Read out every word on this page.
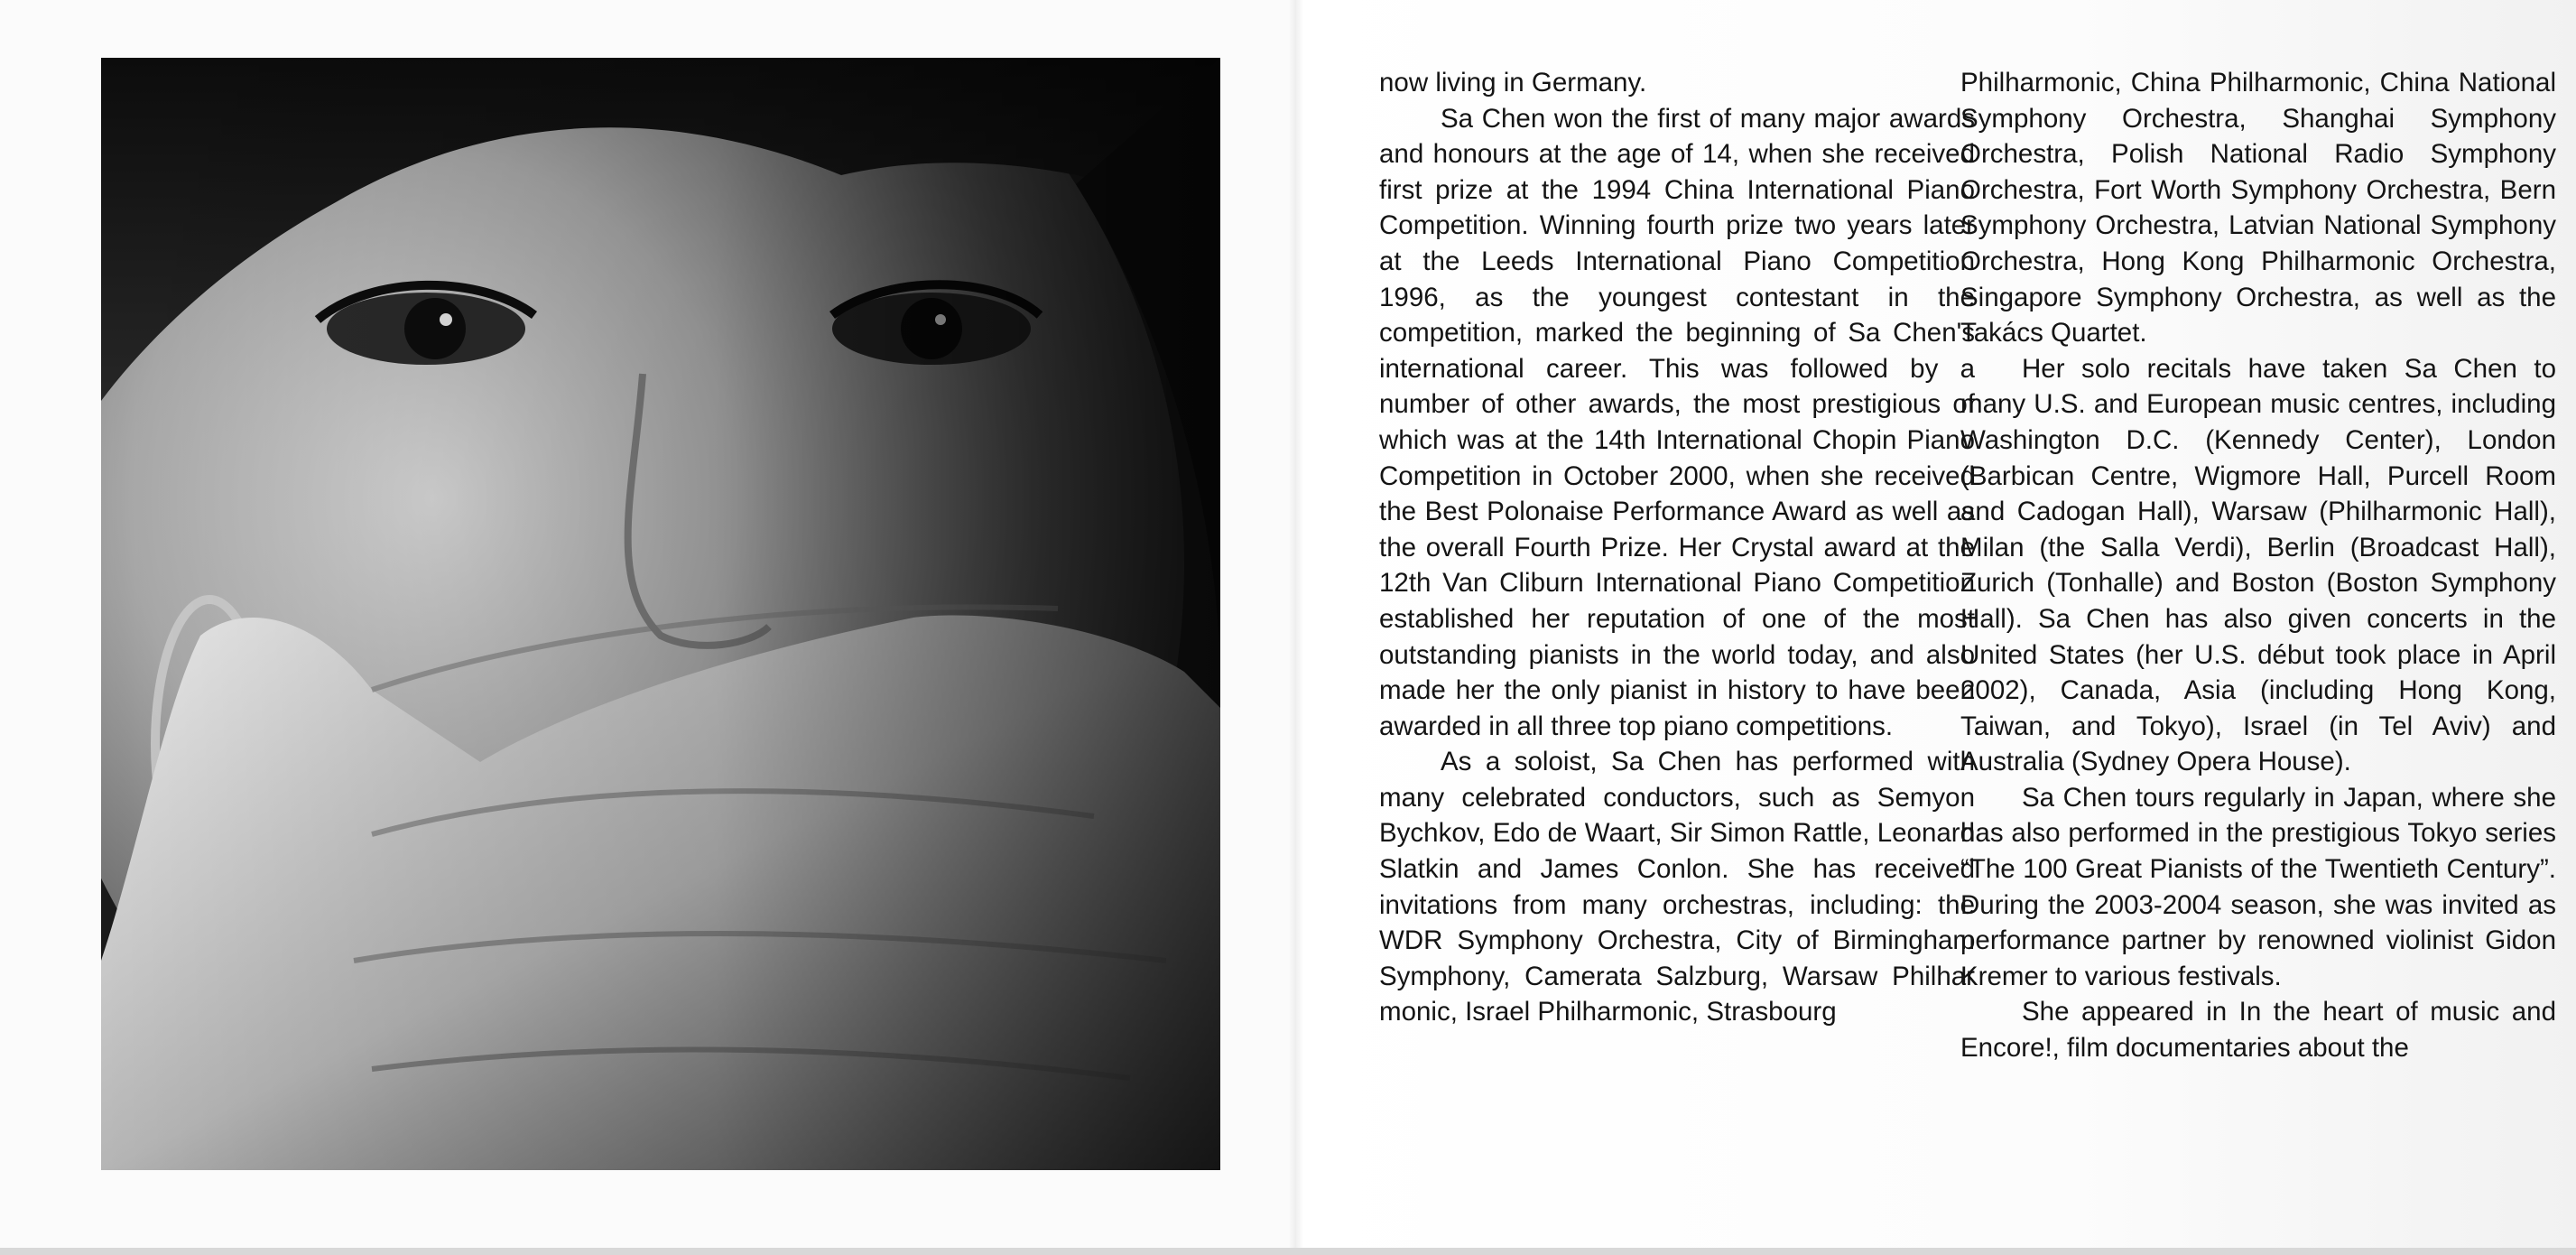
now living in Germany.

Sa Chen won the first of many major awards and honours at the age of 14, when she received first prize at the 1994 China International Piano Competition. Winning fourth prize two years later at the Leeds International Piano Competition 1996, as the youngest contestant in the competition, marked the beginning of Sa Chen's international career. This was followed by a number of other awards, the most prestigious of which was at the 14th International Chopin Piano Competition in October 2000, when she received the Best Polonaise Performance Award as well as the overall Fourth Prize. Her Crystal award at the 12th Van Cliburn International Piano Competition established her reputation of one of the most outstanding pianists in the world today, and also made her the only pianist in history to have been awarded in all three top piano competitions.

As a soloist, Sa Chen has performed with many celebrated conductors, such as Semyon Bychkov, Edo de Waart, Sir Simon Rattle, Leonard Slatkin and James Conlon. She has received invitations from many orchestras, including: the WDR Symphony Orchestra, City of Birmingham Symphony, Camerata Salzburg, Warsaw Philhar monic, Israel Philharmonic, Strasbourg

Philharmonic, China Philharmonic, China National Symphony Orchestra, Shanghai Symphony Orchestra, Polish National Radio Symphony Orchestra, Fort Worth Symphony Orchestra, Bern Symphony Orchestra, Latvian National Symphony Orchestra, Hong Kong Philharmonic Orchestra, Singapore Symphony Orchestra, as well as the Takács Quartet.

Her solo recitals have taken Sa Chen to many U.S. and European music centres, including Washington D.C. (Kennedy Center), London (Barbican Centre, Wigmore Hall, Purcell Room and Cadogan Hall), Warsaw (Philharmonic Hall), Milan (the Salla Verdi), Berlin (Broadcast Hall), Zurich (Tonhalle) and Boston (Boston Symphony Hall). Sa Chen has also given concerts in the United States (her U.S. début took place in April 2002), Canada, Asia (including Hong Kong, Taiwan, and Tokyo), Israel (in Tel Aviv) and Australia (Sydney Opera House).

Sa Chen tours regularly in Japan, where she has also performed in the prestigious Tokyo series “The 100 Great Pianists of the Twentieth Century”. During the 2003-2004 season, she was invited as performance partner by renowned violinist Gidon Kremer to various festivals.

She appeared in In the heart of music and Encore!, film documentaries about the
